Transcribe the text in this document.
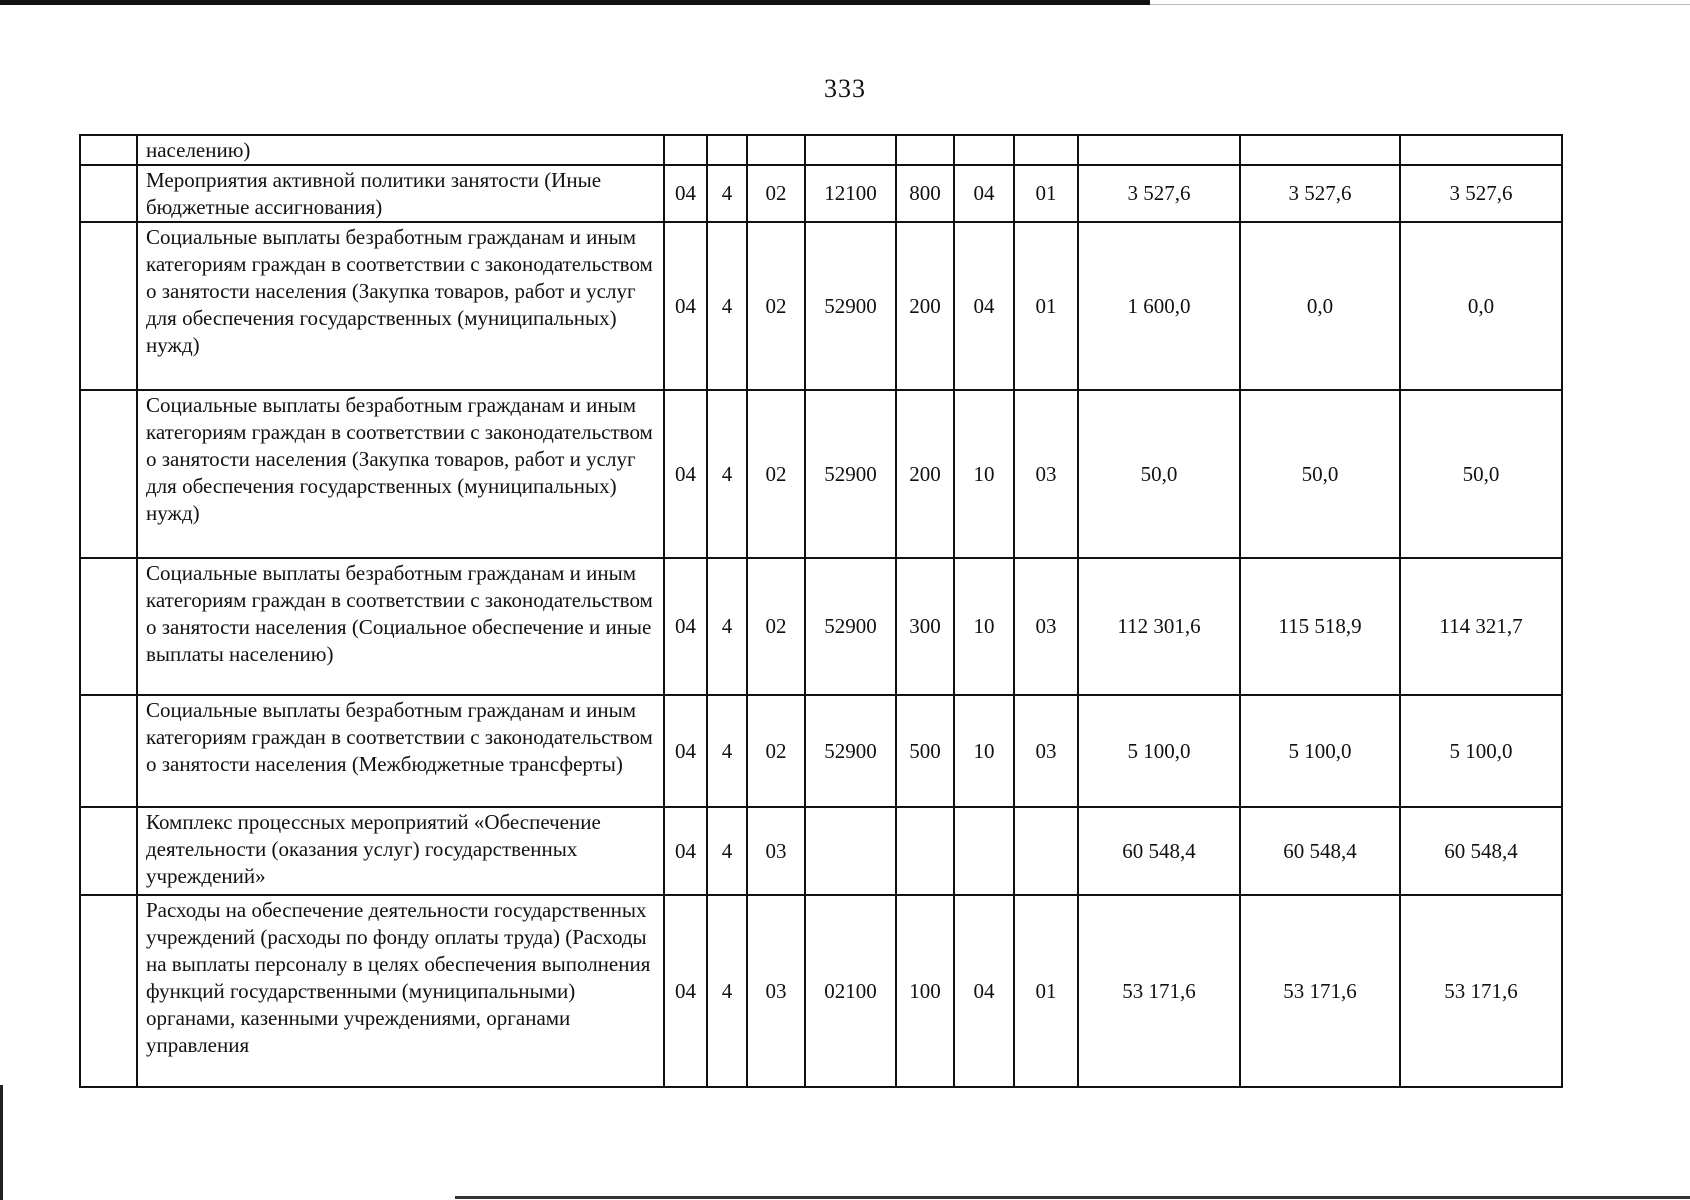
333
	населению)										
	Мероприятия активной политики занятости (Иные бюджетные ассигнования)	04	4	02	12100	800	04	01	3 527,6	3 527,6	3 527,6
	Социальные выплаты безработным гражданам и иным категориям граждан в соответствии с законодательством о занятости населения (Закупка товаров, работ и услуг для обеспечения государственных (муниципальных) нужд)	04	4	02	52900	200	04	01	1 600,0	0,0	0,0
	Социальные выплаты безработным гражданам и иным категориям граждан в соответствии с законодательством о занятости населения (Закупка товаров, работ и услуг для обеспечения государственных (муниципальных) нужд)	04	4	02	52900	200	10	03	50,0	50,0	50,0
	Социальные выплаты безработным гражданам и иным категориям граждан в соответствии с законодательством о занятости населения (Социальное обеспечение и иные выплаты населению)	04	4	02	52900	300	10	03	112 301,6	115 518,9	114 321,7
	Социальные выплаты безработным гражданам и иным категориям граждан в соответствии с законодательством о занятости населения (Межбюджетные трансферты)	04	4	02	52900	500	10	03	5 100,0	5 100,0	5 100,0
	Комплекс процессных мероприятий «Обеспечение деятельности (оказания услуг) государственных учреждений»	04	4	03					60 548,4	60 548,4	60 548,4
	Расходы на обеспечение деятельности государственных учреждений (расходы по фонду оплаты труда) (Расходы на выплаты персоналу в целях обеспечения выполнения функций государственными (муниципальными) органами, казенными учреждениями, органами управления	04	4	03	02100	100	04	01	53 171,6	53 171,6	53 171,6
